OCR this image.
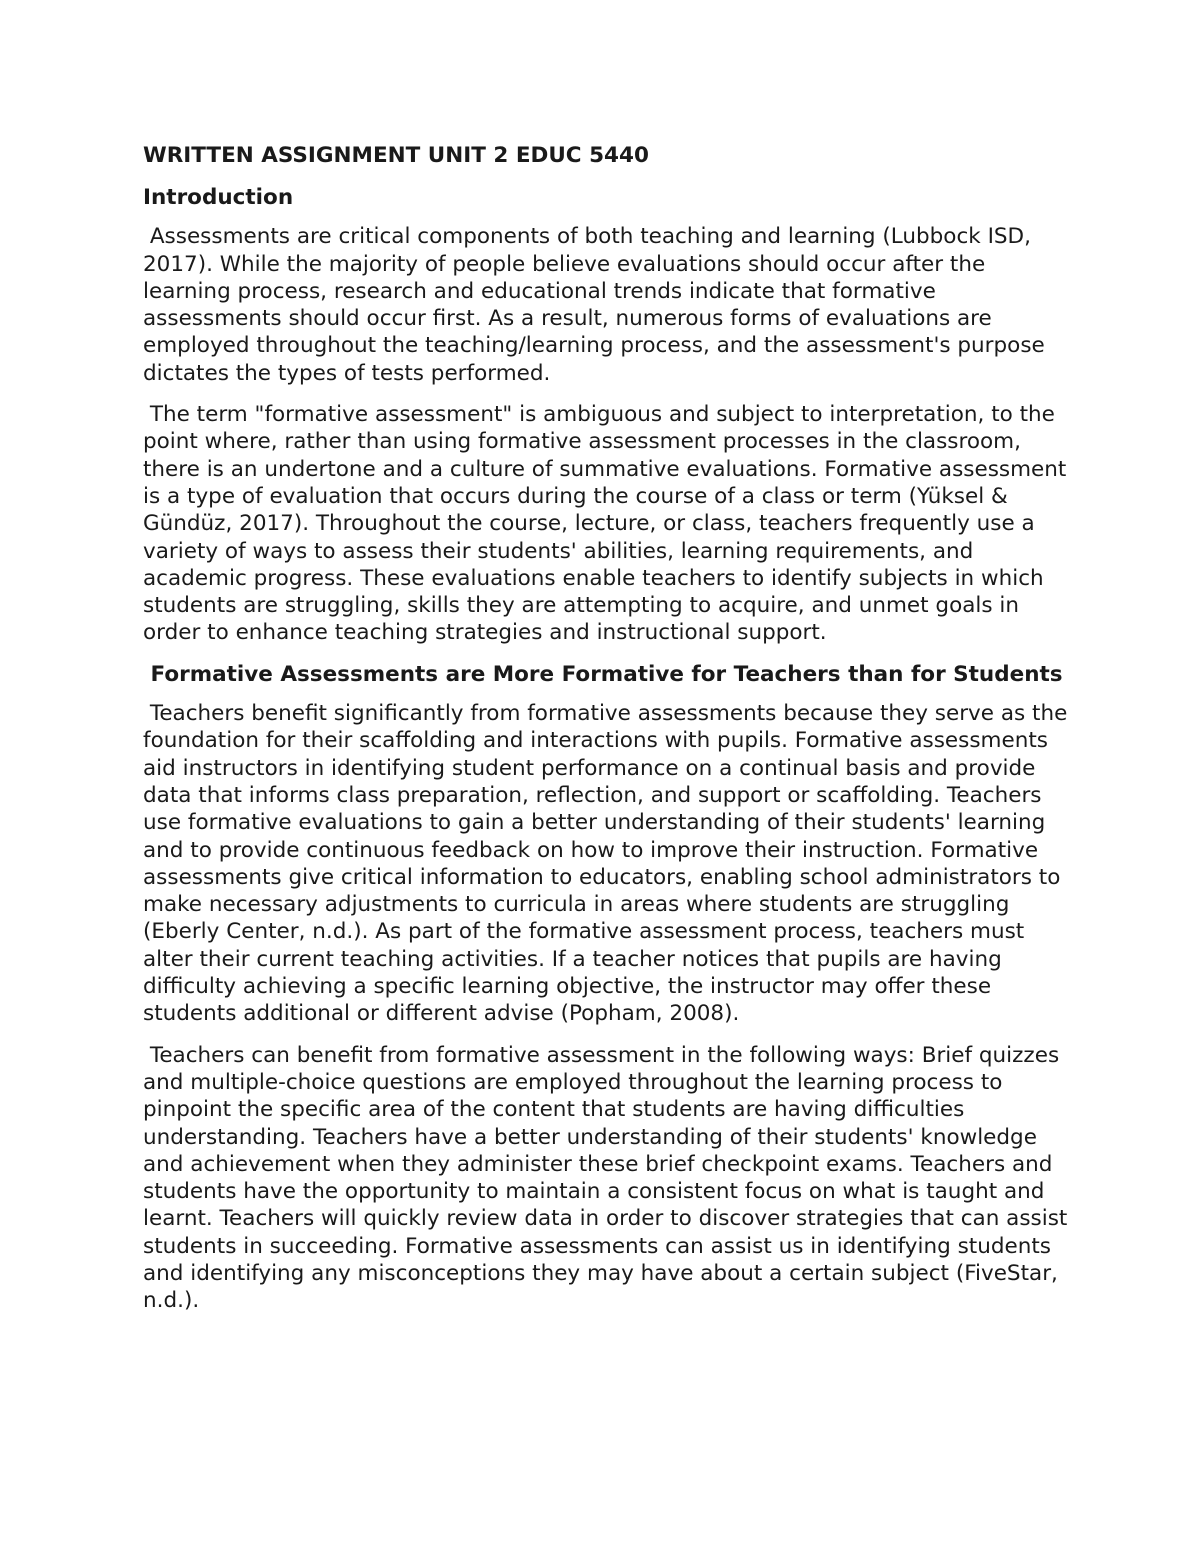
WRITTEN ASSIGNMENT UNIT 2 EDUC 5440
Introduction

Assessments are critical components of both teaching and learning (Lubbock ISD, 2017). While the majority of people believe evaluations should occur after the learning process, research and educational trends indicate that formative assessments should occur first. As a result, numerous forms of evaluations are employed throughout the teaching/learning process, and the assessment's purpose dictates the types of tests performed.

The term "formative assessment" is ambiguous and subject to interpretation, to the point where, rather than using formative assessment processes in the classroom, there is an undertone and a culture of summative evaluations. Formative assessment is a type of evaluation that occurs during the course of a class or term (Yüksel & Gündüz, 2017). Throughout the course, lecture, or class, teachers frequently use a variety of ways to assess their students' abilities, learning requirements, and academic progress. These evaluations enable teachers to identify subjects in which students are struggling, skills they are attempting to acquire, and unmet goals in order to enhance teaching strategies and instructional support.

Formative Assessments are More Formative for Teachers than for Students

Teachers benefit significantly from formative assessments because they serve as the foundation for their scaffolding and interactions with pupils. Formative assessments aid instructors in identifying student performance on a continual basis and provide data that informs class preparation, reflection, and support or scaffolding. Teachers use formative evaluations to gain a better understanding of their students' learning and to provide continuous feedback on how to improve their instruction. Formative assessments give critical information to educators, enabling school administrators to make necessary adjustments to curricula in areas where students are struggling (Eberly Center, n.d.). As part of the formative assessment process, teachers must alter their current teaching activities. If a teacher notices that pupils are having difficulty achieving a specific learning objective, the instructor may offer these students additional or different advise (Popham, 2008).

Teachers can benefit from formative assessment in the following ways: Brief quizzes and multiple-choice questions are employed throughout the learning process to pinpoint the specific area of the content that students are having difficulties understanding. Teachers have a better understanding of their students' knowledge and achievement when they administer these brief checkpoint exams. Teachers and students have the opportunity to maintain a consistent focus on what is taught and learnt. Teachers will quickly review data in order to discover strategies that can assist students in succeeding. Formative assessments can assist us in identifying students and identifying any misconceptions they may have about a certain subject (FiveStar, n.d.).
